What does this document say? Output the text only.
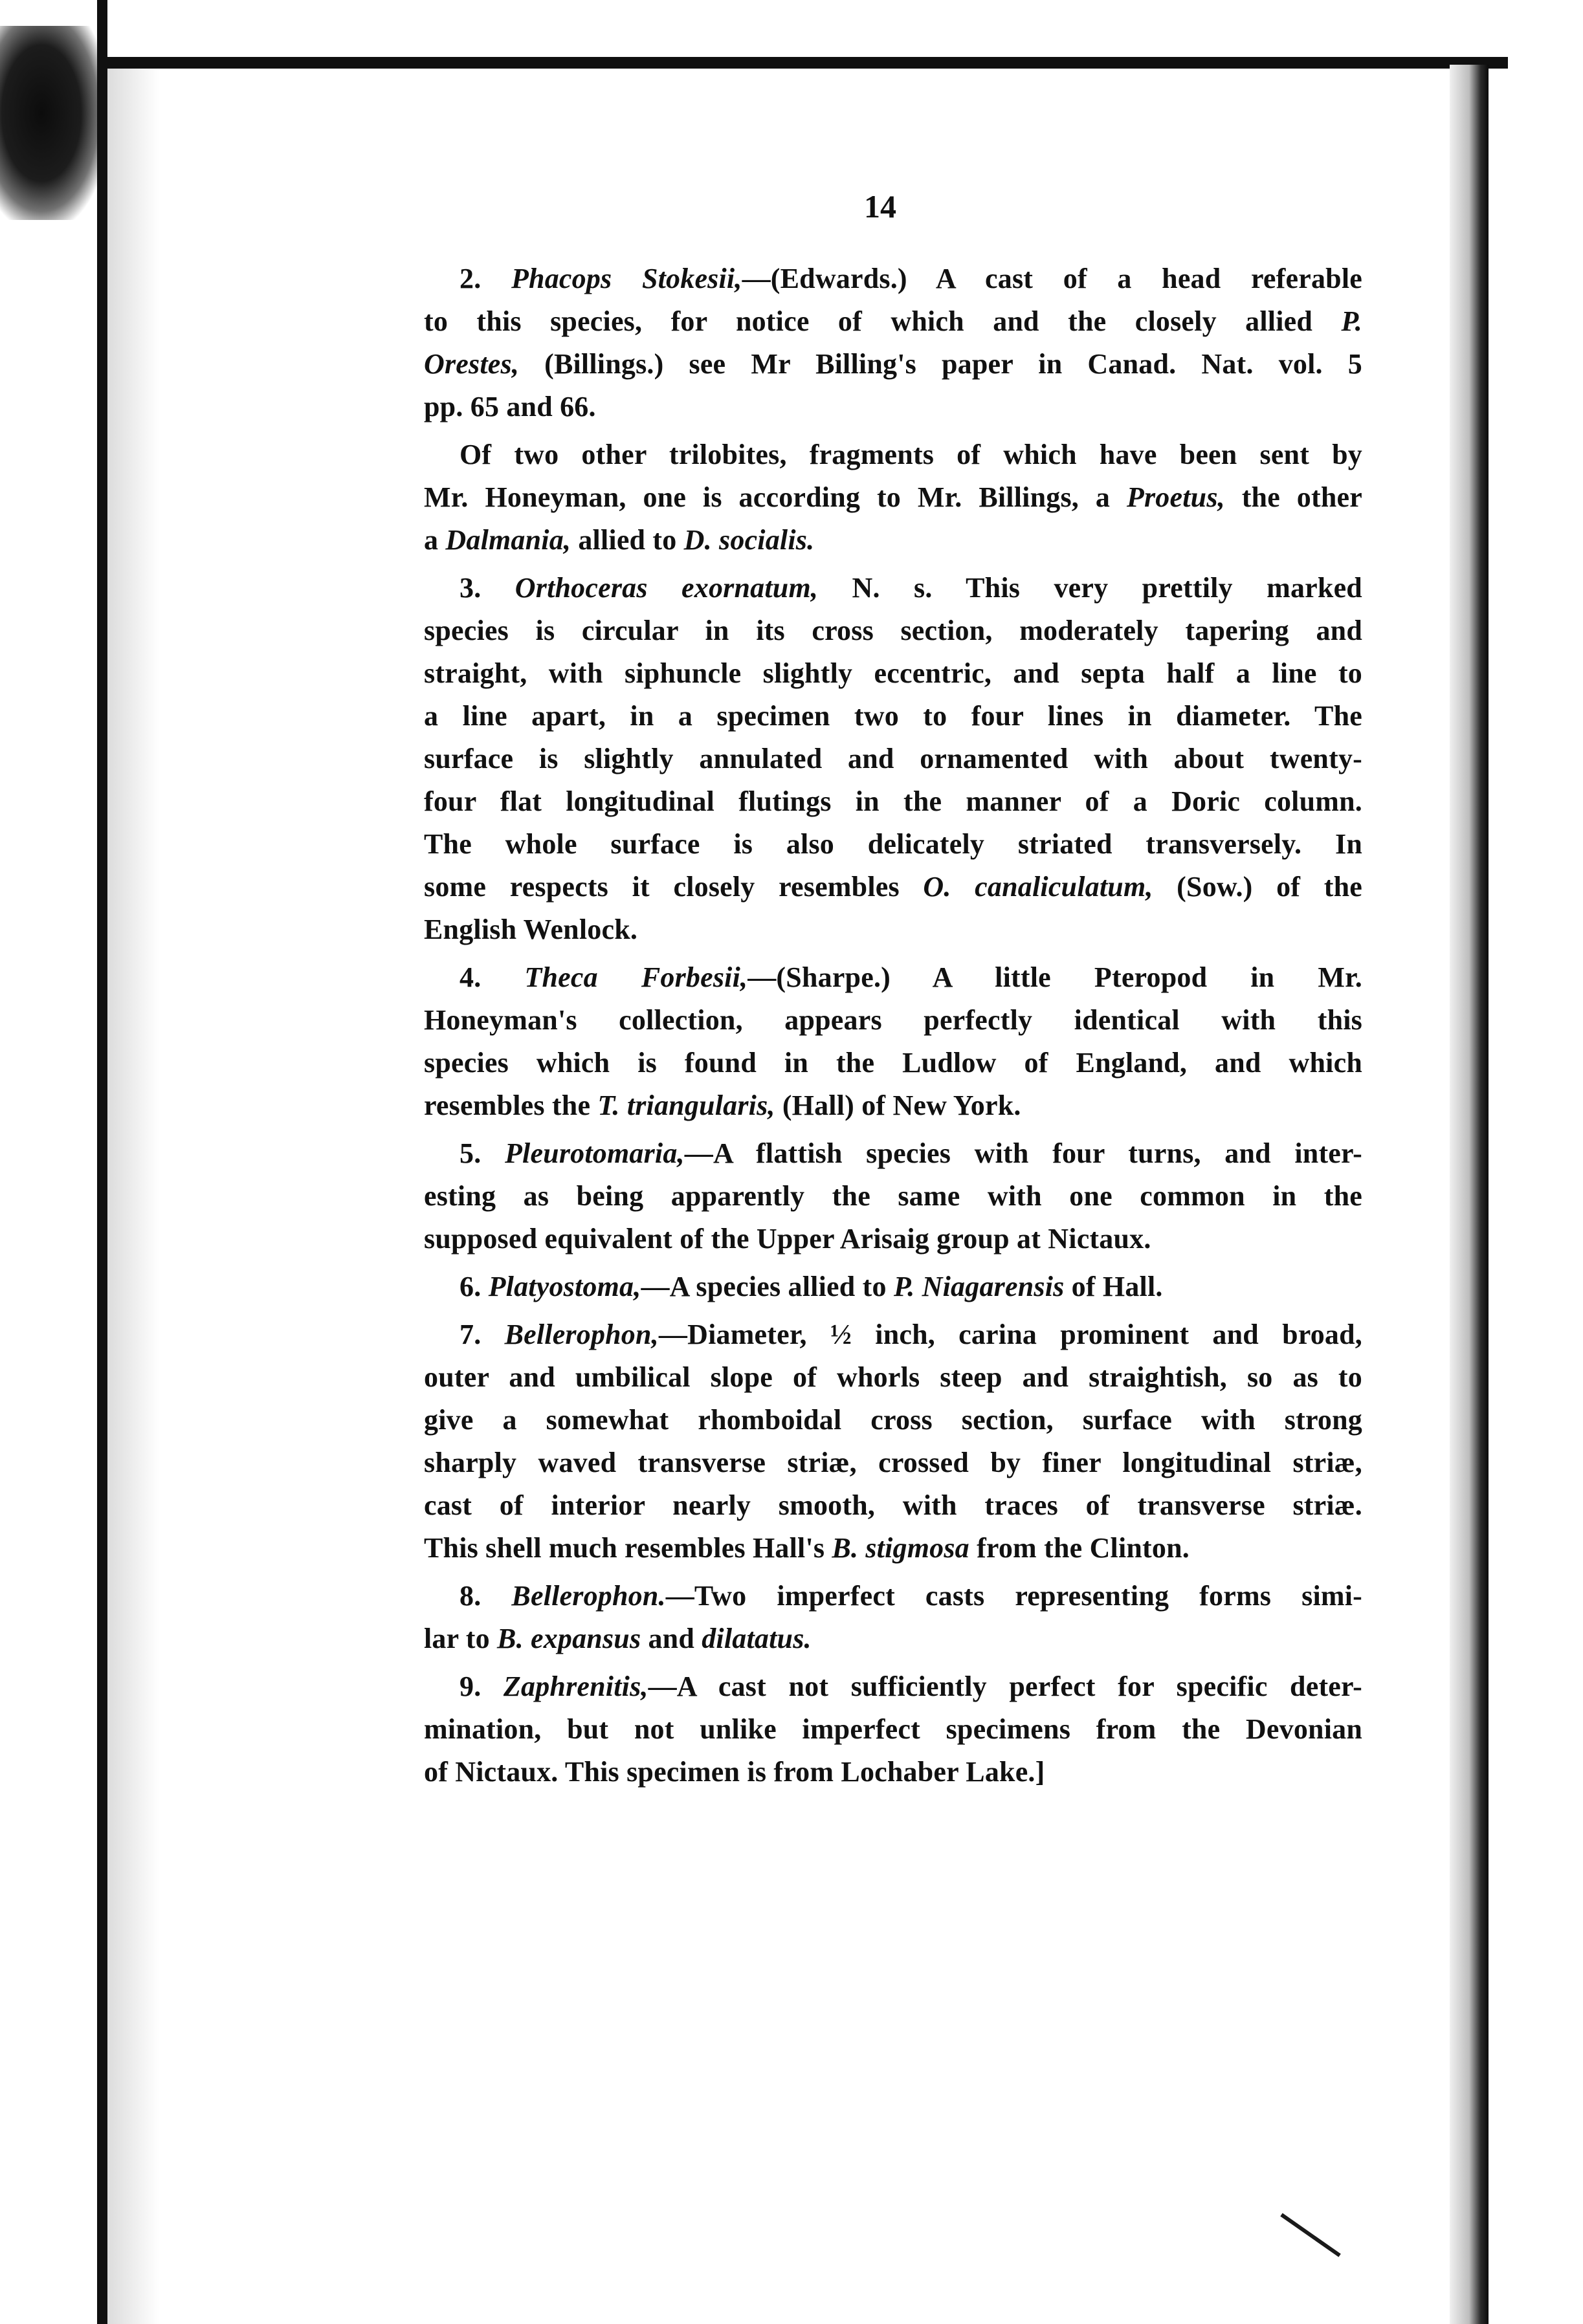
14
2. Phacops Stokesii,—(Edwards.) A cast of a head referable
to this species, for notice of which and the closely allied P.
Orestes, (Billings.) see Mr Billing's paper in Canad. Nat. vol. 5
pp. 65 and 66.
Of two other trilobites, fragments of which have been sent by
Mr. Honeyman, one is according to Mr. Billings, a Proetus, the other
a Dalmania, allied to D. socialis.
3. Orthoceras exornatum, N. s. This very prettily marked
species is circular in its cross section, moderately tapering and
straight, with siphuncle slightly eccentric, and septa half a line to
a line apart, in a specimen two to four lines in diameter. The
surface is slightly annulated and ornamented with about twenty-
four flat longitudinal flutings in the manner of a Doric column.
The whole surface is also delicately striated transversely. In
some respects it closely resembles O. canaliculatum, (Sow.) of the
English Wenlock.
4. Theca Forbesii,—(Sharpe.) A little Pteropod in Mr.
Honeyman's collection, appears perfectly identical with this
species which is found in the Ludlow of England, and which
resembles the T. triangularis, (Hall) of New York.
5. Pleurotomaria,—A flattish species with four turns, and inter-
esting as being apparently the same with one common in the
supposed equivalent of the Upper Arisaig group at Nictaux.
6. Platyostoma,—A species allied to P. Niagarensis of Hall.
7. Bellerophon,—Diameter, ½ inch, carina prominent and broad,
outer and umbilical slope of whorls steep and straightish, so as to
give a somewhat rhomboidal cross section, surface with strong
sharply waved transverse striæ, crossed by finer longitudinal striæ,
cast of interior nearly smooth, with traces of transverse striæ.
This shell much resembles Hall's B. stigmosa from the Clinton.
8. Bellerophon.—Two imperfect casts representing forms simi-
lar to B. expansus and dilatatus.
9. Zaphrenitis,—A cast not sufficiently perfect for specific deter-
mination, but not unlike imperfect specimens from the Devonian
of Nictaux. This specimen is from Lochaber Lake.]
